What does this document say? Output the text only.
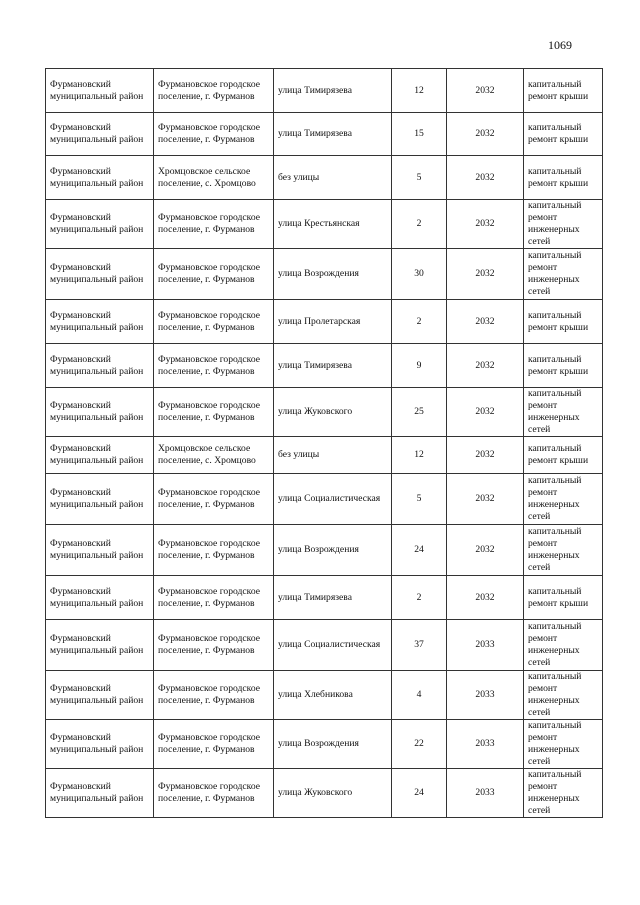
1069
Фурмановский муниципальный район	Фурмановское городское поселение, г. Фурманов	улица Тимирязева	12	2032	капитальный ремонт крыши
Фурмановский муниципальный район	Фурмановское городское поселение, г. Фурманов	улица Тимирязева	15	2032	капитальный ремонт крыши
Фурмановский муниципальный район	Хромцовское сельское поселение, с. Хромцово	без улицы	5	2032	капитальный ремонт крыши
Фурмановский муниципальный район	Фурмановское городское поселение, г. Фурманов	улица Крестьянская	2	2032	капитальный ремонт инженерных сетей
Фурмановский муниципальный район	Фурмановское городское поселение, г. Фурманов	улица Возрождения	30	2032	капитальный ремонт инженерных сетей
Фурмановский муниципальный район	Фурмановское городское поселение, г. Фурманов	улица Пролетарская	2	2032	капитальный ремонт крыши
Фурмановский муниципальный район	Фурмановское городское поселение, г. Фурманов	улица Тимирязева	9	2032	капитальный ремонт крыши
Фурмановский муниципальный район	Фурмановское городское поселение, г. Фурманов	улица Жуковского	25	2032	капитальный ремонт инженерных сетей
Фурмановский муниципальный район	Хромцовское сельское поселение, с. Хромцово	без улицы	12	2032	капитальный ремонт крыши
Фурмановский муниципальный район	Фурмановское городское поселение, г. Фурманов	улица Социалистическая	5	2032	капитальный ремонт инженерных сетей
Фурмановский муниципальный район	Фурмановское городское поселение, г. Фурманов	улица Возрождения	24	2032	капитальный ремонт инженерных сетей
Фурмановский муниципальный район	Фурмановское городское поселение, г. Фурманов	улица Тимирязева	2	2032	капитальный ремонт крыши
Фурмановский муниципальный район	Фурмановское городское поселение, г. Фурманов	улица Социалистическая	37	2033	капитальный ремонт инженерных сетей
Фурмановский муниципальный район	Фурмановское городское поселение, г. Фурманов	улица Хлебникова	4	2033	капитальный ремонт инженерных сетей
Фурмановский муниципальный район	Фурмановское городское поселение, г. Фурманов	улица Возрождения	22	2033	капитальный ремонт инженерных сетей
Фурмановский муниципальный район	Фурмановское городское поселение, г. Фурманов	улица Жуковского	24	2033	капитальный ремонт инженерных сетей
